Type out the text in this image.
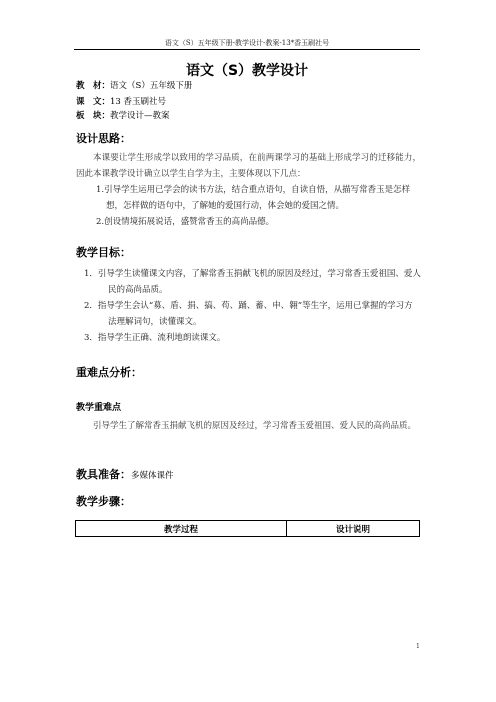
语文（S）五年级下册-教学设计-教案-13*香玉刷社号
语文（S）教学设计
教　材：语文（S）五年级下册
课　文：13 香玉刷社号
板　块：教学设计—教案
设计思路：
本课要让学生形成学以致用的学习品质，在前两课学习的基础上形成学习的迁移能力，因此本课教学设计确立以学生自学为主，主要体现以下几点：
1.引导学生运用已学会的读书方法，结合重点语句，自读自悟，从描写常香玉是怎样想，怎样做的语句中，了解她的爱国行动，体会她的爱国之情。
2.创设情境拓展说话，盛赞常香玉的高尚品德。
教学目标：
1．引导学生读懂课文内容，了解常香玉捐献飞机的原因及经过，学习常香玉爱祖国、爱人民的高尚品质。
2．指导学生会认“募、盾、捐、搞、苟、踊、蓄、申、翱”等生字，运用已掌握的学习方法理解词句，读懂课文。
3．指导学生正确、流利地朗读课文。
重难点分析：
教学重难点
引导学生了解常香玉捐献飞机的原因及经过，学习常香玉爱祖国、爱人民的高尚品质。
教具准备：多媒体课件
教学步骤：
教学过程	设计说明
1
